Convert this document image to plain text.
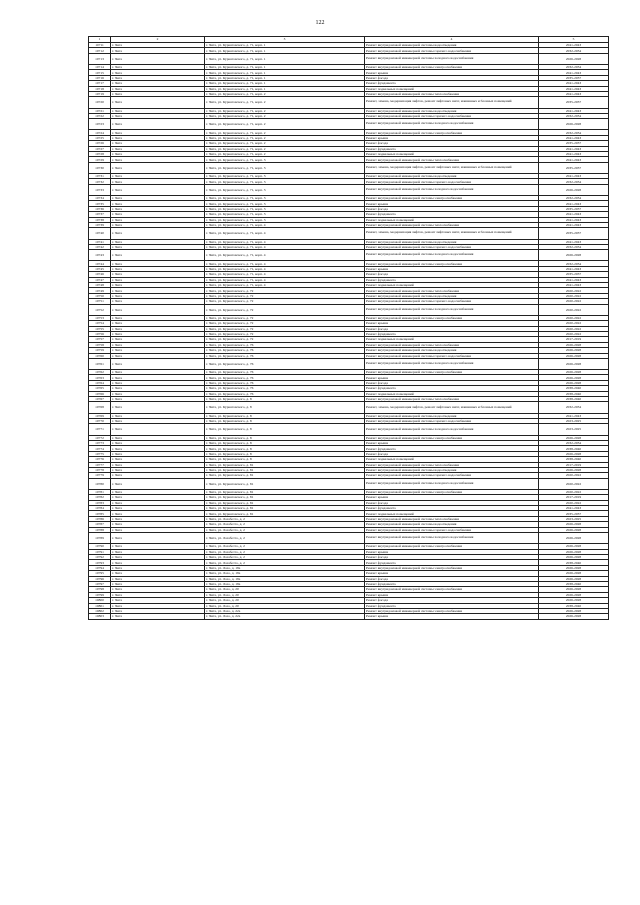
122
1	2	3	4	5
10711	г. Чита	г. Чита, ул. Курнатовского, д. 71, корп. 1	Ремонт внутридомовой инженерной системы водоотведения	2041-2043
10712	г. Чита	г. Чита, ул. Курнатовского, д. 71, корп. 1	Ремонт внутридомовой инженерной системы горячего водоснабжения	2032-2034
10713	г. Чита	г. Чита, ул. Курнатовского, д. 71, корп. 1	Ремонт внутридомовой инженерной системы холодного водоснабжения	2026-2028
10714	г. Чита	г. Чита, ул. Курнатовского, д. 71, корп. 1	Ремонт внутридомовой инженерной системы электроснабжения	2032-2034
10715	г. Чита	г. Чита, ул. Курнатовского, д. 71, корп. 1	Ремонт крыши	2041-2043
10716	г. Чита	г. Чита, ул. Курнатовского, д. 71, корп. 1	Ремонт фасада	2035-2037
10717	г. Чита	г. Чита, ул. Курнатовского, д. 71, корп. 1	Ремонт фундамента	2041-2043
10718	г. Чита	г. Чита, ул. Курнатовского, д. 71, корп. 1	Ремонт подвальных помещений	2041-2043
10719	г. Чита	г. Чита, ул. Курнатовского, д. 71, корп. 2	Ремонт внутридомовой инженерной системы теплоснабжения	2041-2043
10720	г. Чита	г. Чита, ул. Курнатовского, д. 71, корп. 2	Ремонт, замена, модернизация лифтов, ремонт лифтовых шахт, машинных и блочных помещений	2035-2037
10721	г. Чита	г. Чита, ул. Курнатовского, д. 71, корп. 2	Ремонт внутридомовой инженерной системы водоотведения	2041-2043
10722	г. Чита	г. Чита, ул. Курнатовского, д. 71, корп. 2	Ремонт внутридомовой инженерной системы горячего водоснабжения	2032-2034
10723	г. Чита	г. Чита, ул. Курнатовского, д. 71, корп. 2	Ремонт внутридомовой инженерной системы холодного водоснабжения	2026-2028
10724	г. Чита	г. Чита, ул. Курнатовского, д. 71, корп. 2	Ремонт внутридомовой инженерной системы электроснабжения	2032-2034
10725	г. Чита	г. Чита, ул. Курнатовского, д. 71, корп. 2	Ремонт крыши	2041-2043
10726	г. Чита	г. Чита, ул. Курнатовского, д. 71, корп. 2	Ремонт фасада	2035-2037
10727	г. Чита	г. Чита, ул. Курнатовского, д. 71, корп. 2	Ремонт фундамента	2041-2043
10728	г. Чита	г. Чита, ул. Курнатовского, д. 71, корп. 2	Ремонт подвальных помещений	2041-2043
10729	г. Чита	г. Чита, ул. Курнатовского, д. 71, корп. 3	Ремонт внутридомовой инженерной системы теплоснабжения	2041-2043
10730	г. Чита	г. Чита, ул. Курнатовского, д. 71, корп. 3	Ремонт, замена, модернизация лифтов, ремонт лифтовых шахт, машинных и блочных помещений	2035-2037
10731	г. Чита	г. Чита, ул. Курнатовского, д. 71, корп. 3	Ремонт внутридомовой инженерной системы водоотведения	2041-2043
10732	г. Чита	г. Чита, ул. Курнатовского, д. 71, корп. 3	Ремонт внутридомовой инженерной системы горячего водоснабжения	2032-2034
10733	г. Чита	г. Чита, ул. Курнатовского, д. 71, корп. 3	Ремонт внутридомовой инженерной системы холодного водоснабжения	2026-2028
10734	г. Чита	г. Чита, ул. Курнатовского, д. 71, корп. 3	Ремонт внутридомовой инженерной системы электроснабжения	2032-2034
10735	г. Чита	г. Чита, ул. Курнатовского, д. 71, корп. 3	Ремонт крыши	2041-2043
10736	г. Чита	г. Чита, ул. Курнатовского, д. 71, корп. 3	Ремонт фасада	2035-2037
10737	г. Чита	г. Чита, ул. Курнатовского, д. 71, корп. 3	Ремонт фундамента	2041-2043
10738	г. Чита	г. Чита, ул. Курнатовского, д. 71, корп. 3	Ремонт подвальных помещений	2041-2043
10739	г. Чита	г. Чита, ул. Курнатовского, д. 71, корп. 4	Ремонт внутридомовой инженерной системы теплоснабжения	2041-2043
10740	г. Чита	г. Чита, ул. Курнатовского, д. 71, корп. 4	Ремонт, замена, модернизация лифтов, ремонт лифтовых шахт, машинных и блочных помещений	2035-2037
10741	г. Чита	г. Чита, ул. Курнатовского, д. 71, корп. 4	Ремонт внутридомовой инженерной системы водоотведения	2041-2043
10742	г. Чита	г. Чита, ул. Курнатовского, д. 71, корп. 4	Ремонт внутридомовой инженерной системы горячего водоснабжения	2032-2034
10743	г. Чита	г. Чита, ул. Курнатовского, д. 71, корп. 4	Ремонт внутридомовой инженерной системы холодного водоснабжения	2026-2028
10744	г. Чита	г. Чита, ул. Курнатовского, д. 71, корп. 4	Ремонт внутридомовой инженерной системы электроснабжения	2032-2034
10745	г. Чита	г. Чита, ул. Курнатовского, д. 71, корп. 4	Ремонт крыши	2041-2043
10746	г. Чита	г. Чита, ул. Курнатовского, д. 71, корп. 4	Ремонт фасада	2035-2037
10747	г. Чита	г. Чита, ул. Курнатовского, д. 71, корп. 4	Ремонт фундамента	2041-2043
10748	г. Чита	г. Чита, ул. Курнатовского, д. 71, корп. 4	Ремонт подвальных помещений	2041-2043
10749	г. Чита	г. Чита, ул. Курнатовского, д. 72	Ремонт внутридомовой инженерной системы теплоснабжения	2020-2022
10750	г. Чита	г. Чита, ул. Курнатовского, д. 72	Ремонт внутридомовой инженерной системы водоотведения	2020-2022
10751	г. Чита	г. Чита, ул. Курнатовского, д. 72	Ремонт внутридомовой инженерной системы горячего водоснабжения	2020-2022
10752	г. Чита	г. Чита, ул. Курнатовского, д. 72	Ремонт внутридомовой инженерной системы холодного водоснабжения	2020-2022
10753	г. Чита	г. Чита, ул. Курнатовского, д. 72	Ремонт внутридомовой инженерной системы электроснабжения	2020-2022
10754	г. Чита	г. Чита, ул. Курнатовского, д. 72	Ремонт крыши	2020-2022
10755	г. Чита	г. Чита, ул. Курнатовского, д. 72	Ремонт фасада	2020-2022
10756	г. Чита	г. Чита, ул. Курнатовского, д. 72	Ремонт фундамента	2020-2022
10757	г. Чита	г. Чита, ул. Курнатовского, д. 72	Ремонт подвальных помещений	2017-2019
10758	г. Чита	г. Чита, ул. Курнатовского, д. 76	Ремонт внутридомовой инженерной системы теплоснабжения	2026-2028
10759	г. Чита	г. Чита, ул. Курнатовского, д. 76	Ремонт внутридомовой инженерной системы водоотведения	2026-2028
10760	г. Чита	г. Чита, ул. Курнатовского, д. 76	Ремонт внутридомовой инженерной системы горячего водоснабжения	2026-2028
10761	г. Чита	г. Чита, ул. Курнатовского, д. 76	Ремонт внутридомовой инженерной системы холодного водоснабжения	2026-2028
10762	г. Чита	г. Чита, ул. Курнатовского, д. 76	Ремонт внутридомовой инженерной системы электроснабжения	2026-2028
10763	г. Чита	г. Чита, ул. Курнатовского, д. 76	Ремонт крыши	2026-2028
10764	г. Чита	г. Чита, ул. Курнатовского, д. 76	Ремонт фасада	2026-2028
10765	г. Чита	г. Чита, ул. Курнатовского, д. 76	Ремонт фундамента	2038-2040
10766	г. Чита	г. Чита, ул. Курнатовского, д. 76	Ремонт подвальных помещений	2038-2040
10767	г. Чита	г. Чита, ул. Курнатовского, д. 8	Ремонт внутридомовой инженерной системы теплоснабжения	2038-2040
10768	г. Чита	г. Чита, ул. Курнатовского, д. 8	Ремонт, замена, модернизация лифтов, ремонт лифтовых шахт, машинных и блочных помещений	2032-2034
10769	г. Чита	г. Чита, ул. Курнатовского, д. 8	Ремонт внутридомовой инженерной системы водоотведения	2041-2043
10770	г. Чита	г. Чита, ул. Курнатовского, д. 8	Ремонт внутридомовой инженерной системы горячего водоснабжения	2023-2025
10771	г. Чита	г. Чита, ул. Курнатовского, д. 8	Ремонт внутридомовой инженерной системы холодного водоснабжения	2023-2025
10772	г. Чита	г. Чита, ул. Курнатовского, д. 8	Ремонт внутридомовой инженерной системы электроснабжения	2026-2028
10773	г. Чита	г. Чита, ул. Курнатовского, д. 8	Ремонт крыши	2032-2034
10774	г. Чита	г. Чита, ул. Курнатовского, д. 8	Ремонт фундамента	2038-2040
10775	г. Чита	г. Чита, ул. Курнатовского, д. 8	Ремонт фасада	2026-2028
10776	г. Чита	г. Чита, ул. Курнатовского, д. 8	Ремонт подвальных помещений	2038-2040
10777	г. Чита	г. Чита, ул. Курнатовского, д. 81	Ремонт внутридомовой инженерной системы теплоснабжения	2017-2019
10778	г. Чита	г. Чита, ул. Курнатовского, д. 81	Ремонт внутридомовой инженерной системы водоотведения	2026-2028
10779	г. Чита	г. Чита, ул. Курнатовского, д. 81	Ремонт внутридомовой инженерной системы горячего водоснабжения	2020-2022
10780	г. Чита	г. Чита, ул. Курнатовского, д. 81	Ремонт внутридомовой инженерной системы холодного водоснабжения	2020-2022
10781	г. Чита	г. Чита, ул. Курнатовского, д. 81	Ремонт внутридомовой инженерной системы электроснабжения	2020-2022
10782	г. Чита	г. Чита, ул. Курнатовского, д. 81	Ремонт крыши	2017-2019
10783	г. Чита	г. Чита, ул. Курнатовского, д. 81	Ремонт фасада	2020-2022
10784	г. Чита	г. Чита, ул. Курнатовского, д. 81	Ремонт фундамента	2041-2043
10785	г. Чита	г. Чита, ул. Курнатовского, д. 81	Ремонт подвальных помещений	2035-2037
10786	г. Чита	г. Чита, ул. Лазаботго, д. 2	Ремонт внутридомовой инженерной системы теплоснабжения	2023-2025
10787	г. Чита	г. Чита, ул. Лазаботго, д. 2	Ремонт внутридомовой инженерной системы водоотведения	2026-2028
10788	г. Чита	г. Чита, ул. Лазаботго, д. 2	Ремонт внутридомовой инженерной системы горячего водоснабжения	2026-2028
10789	г. Чита	г. Чита, ул. Лазаботго, д. 2	Ремонт внутридомовой инженерной системы холодного водоснабжения	2026-2028
10790	г. Чита	г. Чита, ул. Лазаботго, д. 2	Ремонт внутридомовой инженерной системы электроснабжения	2026-2028
10791	г. Чита	г. Чита, ул. Лазаботго, д. 2	Ремонт крыши	2026-2028
10792	г. Чита	г. Чита, ул. Лазаботго, д. 2	Ремонт фасада	2026-2028
10793	г. Чита	г. Чита, ул. Лазаботго, д. 2	Ремонт фундамента	2038-2040
10794	г. Чита	г. Чита, ул. Лазо, д. 18а	Ремонт внутридомовой инженерной системы электроснабжения	2026-2028
10795	г. Чита	г. Чита, ул. Лазо, д. 18а	Ремонт крыши	2026-2028
10796	г. Чита	г. Чита, ул. Лазо, д. 18а	Ремонт фасада	2026-2028
10797	г. Чита	г. Чита, ул. Лазо, д. 18а	Ремонт фундамента	2038-2040
10798	г. Чита	г. Чита, ул. Лазо, д. 20	Ремонт внутридомовой инженерной системы электроснабжения	2026-2028
10799	г. Чита	г. Чита, ул. Лазо, д. 20	Ремонт крыши	2026-2028
10800	г. Чита	г. Чита, ул. Лазо, д. 20	Ремонт фасада	2026-2028
10801	г. Чита	г. Чита, ул. Лазо, д. 20	Ремонт фундамента	2038-2040
10802	г. Чита	г. Чита, ул. Лазо, д. 22а	Ремонт внутридомовой инженерной системы электроснабжения	2026-2028
10803	г. Чита	г. Чита, ул. Лазо, д. 22а	Ремонт крыши	2026-2028
